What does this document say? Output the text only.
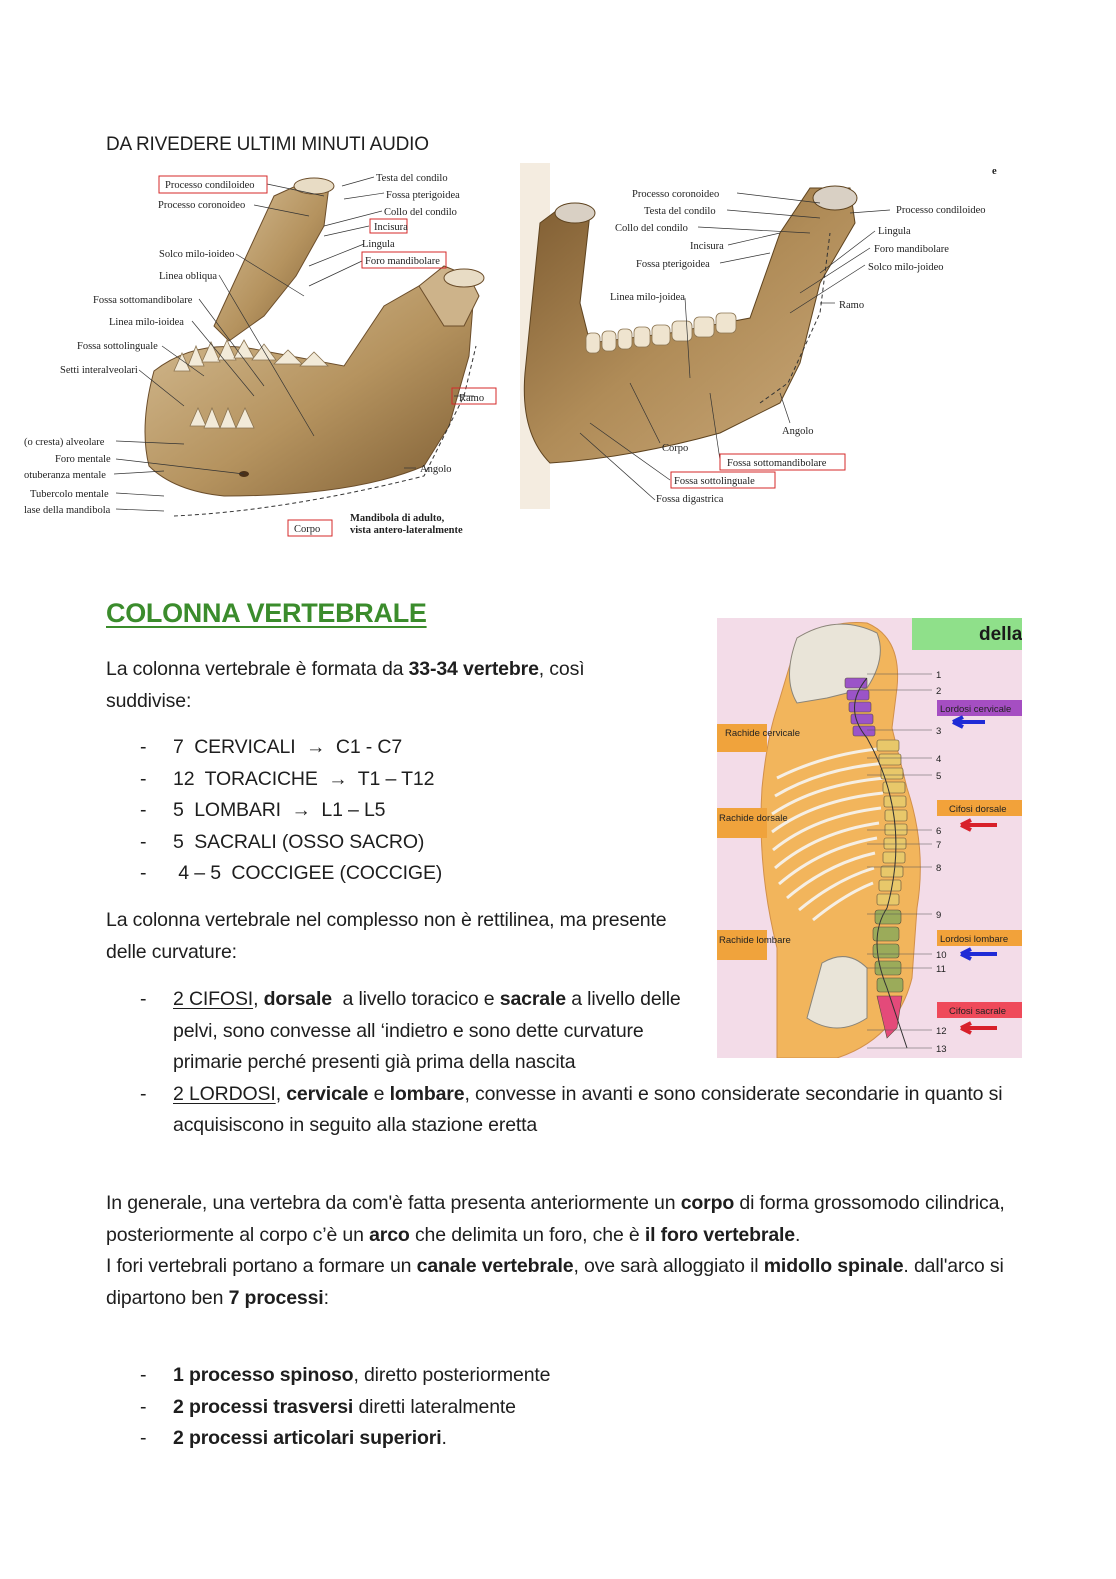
DA RIVEDERE ULTIMI MINUTI AUDIO
Processo condiloideo
Processo coronoideo
Testa del condilo
Fossa pterigoidea
Collo del condilo
Incisura
Lingula
Foro mandibolare
Solco milo-ioideo
Linea obliqua
Fossa sottomandibolare
Linea milo-ioidea
Fossa sottolinguale
Setti interalveolari
(o cresta) alveolare
Foro mentale
otuberanza mentale
Tubercolo mentale
lase della mandibola
Ramo
Angolo
Corpo
Mandibola di adulto,
vista antero-lateralmente
e
Processo coronoideo
Testa del condilo
Collo del condilo
Incisura
Fossa pterigoidea
Linea milo-joidea
Processo condiloideo
Lingula
Foro mandibolare
Solco milo-joideo
Ramo
Angolo
Corpo
Fossa sottomandibolare
Fossa sottolinguale
Fossa digastrica
COLONNA VERTEBRALE
La colonna vertebrale è formata da 33-34 vertebre, così suddivise:
- 7  CERVICALI  →  C1 - C7
- 12  TORACICHE  →  T1 – T12
- 5  LOMBARI  →  L1 – L5
- 5  SACRALI (OSSO SACRO)
-  4 – 5  COCCIGEE (COCCIGE)
La colonna vertebrale nel complesso non è rettilinea, ma presente delle curvature:
- 2 CIFOSI, dorsale  a livello toracico e sacrale a livello delle pelvi, sono convesse all ‘indietro e sono dette curvature primarie perché presenti già prima della nascita
- 2 LORDOSI, cervicale e lombare, convesse in avanti e sono considerate secondarie in quanto si acquisiscono in seguito alla stazione eretta
In generale, una vertebra da com'è fatta presenta anteriormente un corpo di forma grossomodo cilindrica, posteriormente al corpo c’è un arco che delimita un foro, che è il foro vertebrale.
I fori vertebrali portano a formare un canale vertebrale, ove sarà alloggiato il midollo spinale. dall'arco si dipartono ben 7 processi:
- 1 processo spinoso, diretto posteriormente
- 2 processi trasversi diretti lateralmente
- 2 processi articolari superiori.
della
1
2
3
4
5
6
7
8
9
10
11
12
13
Rachide cervicale
Rachide dorsale
Rachide lombare
Lordosi cervicale
Cifosi dorsale
Lordosi lombare
Cifosi sacrale
